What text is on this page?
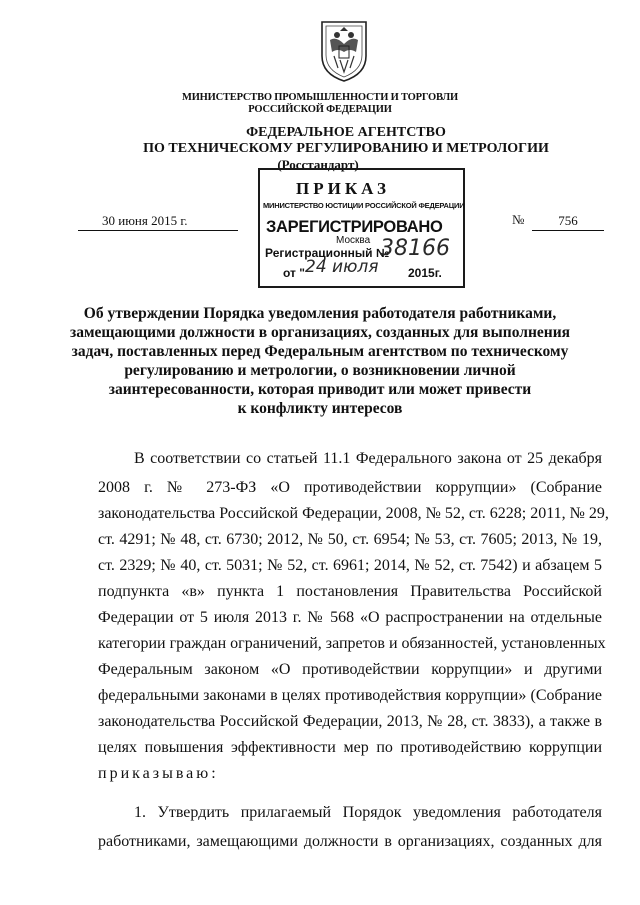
МИНИСТЕРСТВО ПРОМЫШЛЕННОСТИ И ТОРГОВЛИ
РОССИЙСКОЙ ФЕДЕРАЦИИ
ФЕДЕРАЛЬНОЕ АГЕНТСТВО
ПО ТЕХНИЧЕСКОМУ РЕГУЛИРОВАНИЮ И МЕТРОЛОГИИ
(Росстандарт)
ПРИКАЗ
МИНИСТЕРСТВО ЮСТИЦИИ РОССИЙСКОЙ ФЕДЕРАЦИИ
ЗАРЕГИСТРИРОВАНО
Москва
Регистрационный №
38166
от " 24 июля 2015г.
30 июня 2015 г.	№	756
Об утверждении Порядка уведомления работодателя работниками,
замещающими должности в организациях, созданных для выполнения
задач, поставленных перед Федеральным агентством по техническому
регулированию и метрологии, о возникновении личной
заинтересованности, которая приводит или может привести
к конфликту интересов
В соответствии со статьей 11.1 Федерального закона от 25 декабря
2008 г. № 273-ФЗ «О противодействии коррупции» (Собрание
законодательства Российской Федерации, 2008, № 52, ст. 6228; 2011, № 29,
ст. 4291; № 48, ст. 6730; 2012, № 50, ст. 6954; № 53, ст. 7605; 2013, № 19,
ст. 2329; № 40, ст. 5031; № 52, ст. 6961; 2014, № 52, ст. 7542) и абзацем 5
подпункта «в» пункта 1 постановления Правительства Российской
Федерации от 5 июля 2013 г. № 568 «О распространении на отдельные
категории граждан ограничений, запретов и обязанностей, установленных
Федеральным законом «О противодействии коррупции» и другими
федеральными законами в целях противодействия коррупции» (Собрание
законодательства Российской Федерации, 2013, № 28, ст. 3833), а также в
целях повышения эффективности мер по противодействию коррупции
приказываю:
1. Утвердить прилагаемый Порядок уведомления работодателя
работниками, замещающими должности в организациях, созданных для
